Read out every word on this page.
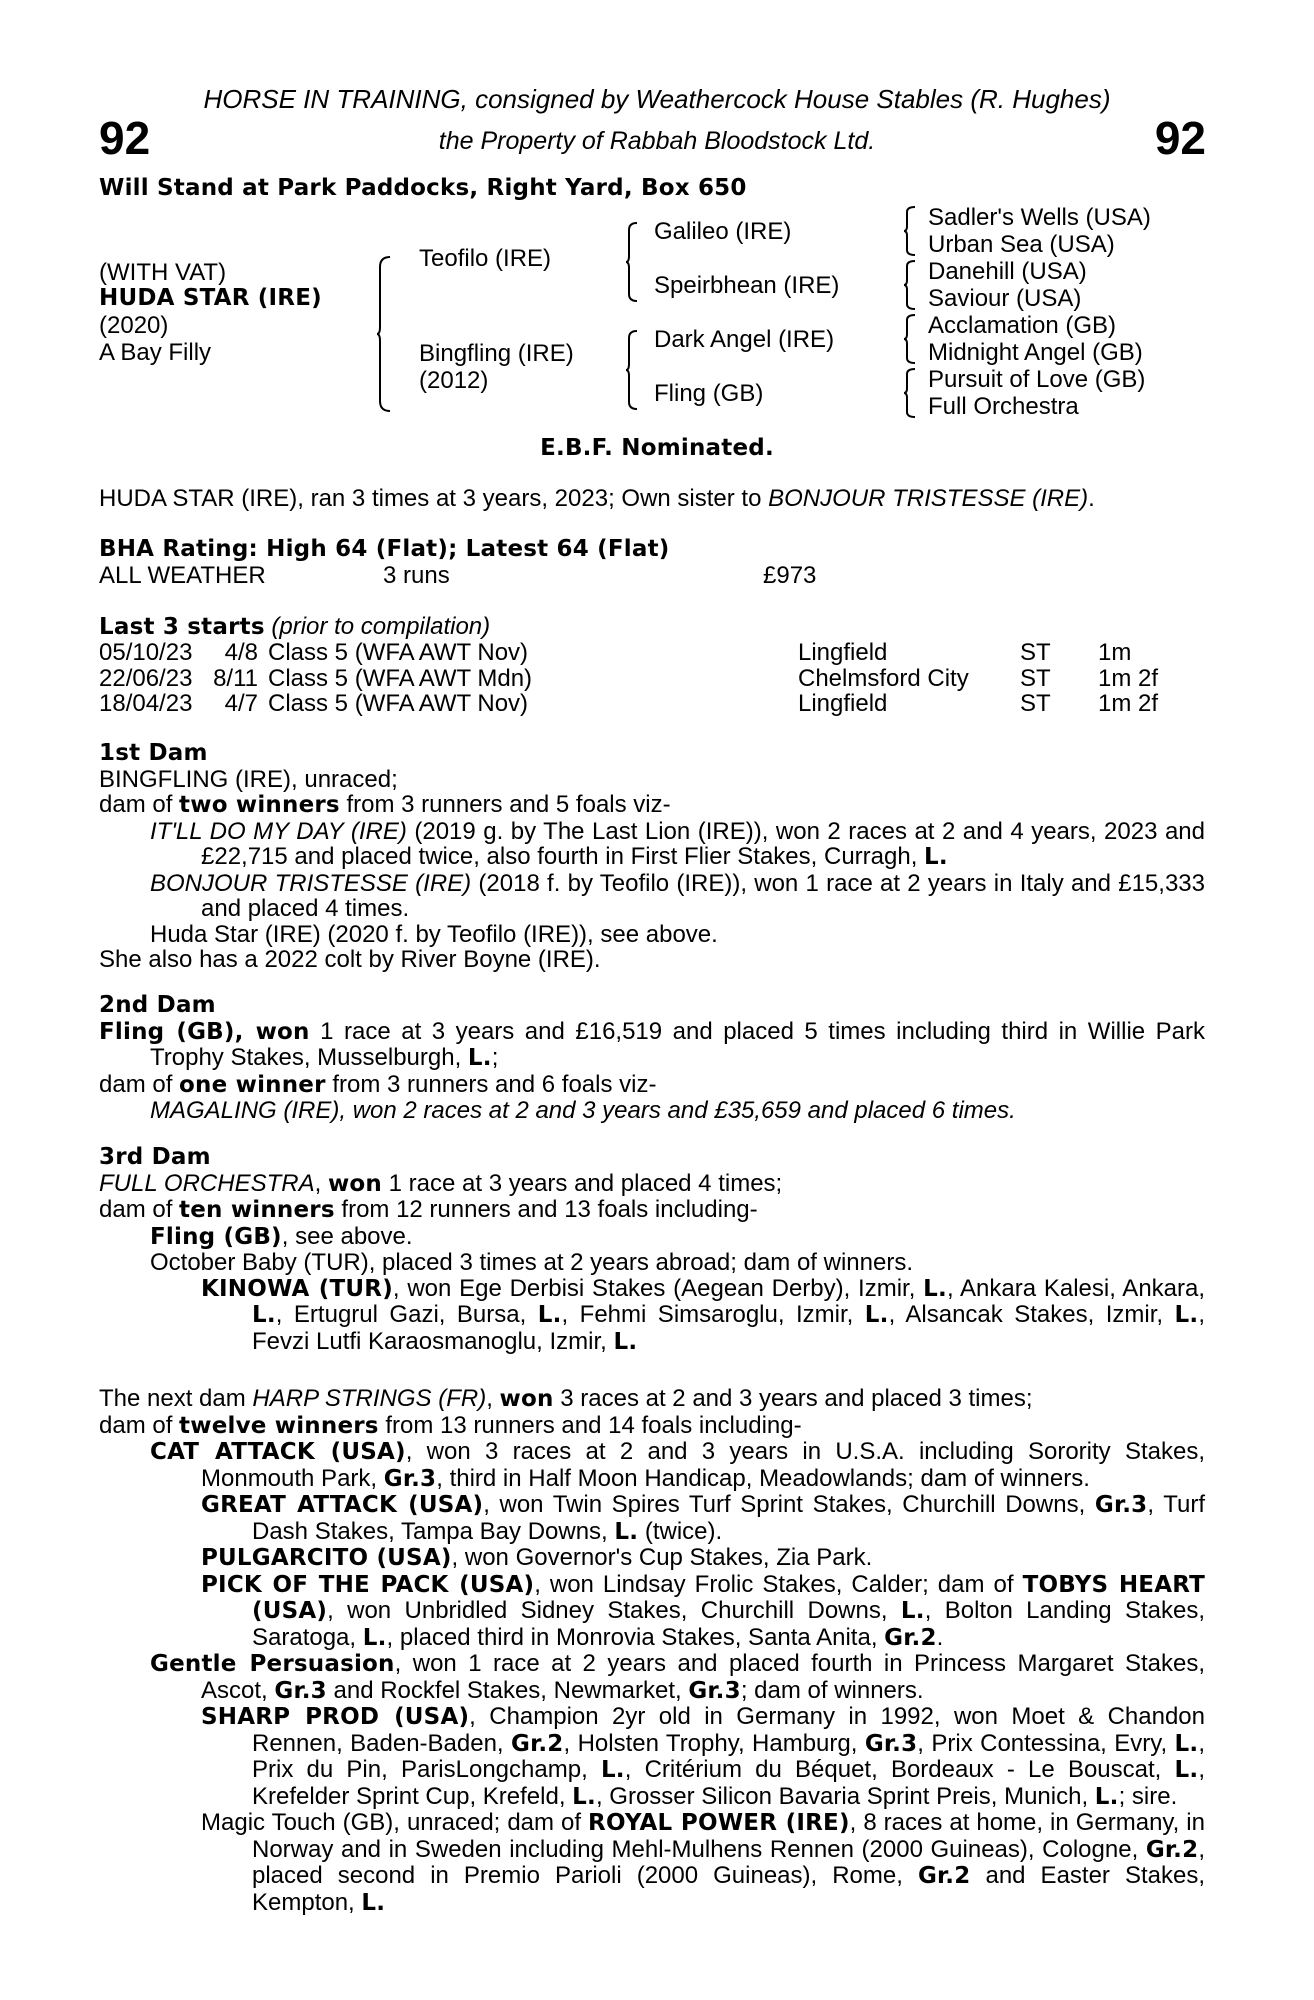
92	92
HORSE IN TRAINING, consigned by Weathercock House Stables (R. Hughes)
the Property of Rabbah Bloodstock Ltd.
Will Stand at Park Paddocks, Right Yard, Box 650
(WITH VAT)
HUDA STAR (IRE)
(2020)
A Bay Filly
Teofilo (IRE)
Bingfling (IRE)
(2012)
Galileo (IRE)
Speirbhean (IRE)
Dark Angel (IRE)
Fling (GB)
Sadler's Wells (USA)
Urban Sea (USA)
Danehill (USA)
Saviour (USA)
Acclamation (GB)
Midnight Angel (GB)
Pursuit of Love (GB)
Full Orchestra
E.B.F. Nominated.
HUDA STAR (IRE), ran 3 times at 3 years, 2023; Own sister to BONJOUR TRISTESSE (IRE).
BHA Rating: High 64 (Flat); Latest 64 (Flat)
ALL WEATHER	3 runs	£973
Last 3 starts (prior to compilation)
05/10/23	4/8	Class 5 (WFA AWT Nov)	Lingfield	ST	1m
22/06/23	8/11	Class 5 (WFA AWT Mdn)	Chelmsford City	ST	1m 2f
18/04/23	4/7	Class 5 (WFA AWT Nov)	Lingfield	ST	1m 2f

1st Dam

BINGFLING (IRE), unraced;

dam of two winners from 3 runners and 5 foals viz-

IT'LL DO MY DAY (IRE) (2019 g. by The Last Lion (IRE)), won 2 races at 2 and 4 years, 2023 and £22,715 and placed twice, also fourth in First Flier Stakes, Curragh, L.

BONJOUR TRISTESSE (IRE) (2018 f. by Teofilo (IRE)), won 1 race at 2 years in Italy and £15,333 and placed 4 times.

Huda Star (IRE) (2020 f. by Teofilo (IRE)), see above.

She also has a 2022 colt by River Boyne (IRE).

2nd Dam

Fling (GB), won 1 race at 3 years and £16,519 and placed 5 times including third in Willie Park Trophy Stakes, Musselburgh, L.;

dam of one winner from 3 runners and 6 foals viz-

MAGALING (IRE), won 2 races at 2 and 3 years and £35,659 and placed 6 times.

3rd Dam

FULL ORCHESTRA, won 1 race at 3 years and placed 4 times;

dam of ten winners from 12 runners and 13 foals including-

Fling (GB), see above.

October Baby (TUR), placed 3 times at 2 years abroad; dam of winners.

KINOWA (TUR), won Ege Derbisi Stakes (Aegean Derby), Izmir, L., Ankara Kalesi, Ankara, L., Ertugrul Gazi, Bursa, L., Fehmi Simsaroglu, Izmir, L., Alsancak Stakes, Izmir, L., Fevzi Lutfi Karaosmanoglu, Izmir, L.

The next dam HARP STRINGS (FR), won 3 races at 2 and 3 years and placed 3 times;

dam of twelve winners from 13 runners and 14 foals including-

CAT ATTACK (USA), won 3 races at 2 and 3 years in U.S.A. including Sorority Stakes, Monmouth Park, Gr.3, third in Half Moon Handicap, Meadowlands; dam of winners.

GREAT ATTACK (USA), won Twin Spires Turf Sprint Stakes, Churchill Downs, Gr.3, Turf Dash Stakes, Tampa Bay Downs, L. (twice).

PULGARCITO (USA), won Governor's Cup Stakes, Zia Park.

PICK OF THE PACK (USA), won Lindsay Frolic Stakes, Calder; dam of TOBYS HEART (USA), won Unbridled Sidney Stakes, Churchill Downs, L., Bolton Landing Stakes, Saratoga, L., placed third in Monrovia Stakes, Santa Anita, Gr.2.

Gentle Persuasion, won 1 race at 2 years and placed fourth in Princess Margaret Stakes, Ascot, Gr.3 and Rockfel Stakes, Newmarket, Gr.3; dam of winners.

SHARP PROD (USA), Champion 2yr old in Germany in 1992, won Moet & Chandon Rennen, Baden-Baden, Gr.2, Holsten Trophy, Hamburg, Gr.3, Prix Contessina, Evry, L., Prix du Pin, ParisLongchamp, L., Critérium du Béquet, Bordeaux - Le Bouscat, L., Krefelder Sprint Cup, Krefeld, L., Grosser Silicon Bavaria Sprint Preis, Munich, L.; sire.

Magic Touch (GB), unraced; dam of ROYAL POWER (IRE), 8 races at home, in Germany, in Norway and in Sweden including Mehl-Mulhens Rennen (2000 Guineas), Cologne, Gr.2, placed second in Premio Parioli (2000 Guineas), Rome, Gr.2 and Easter Stakes, Kempton, L.
